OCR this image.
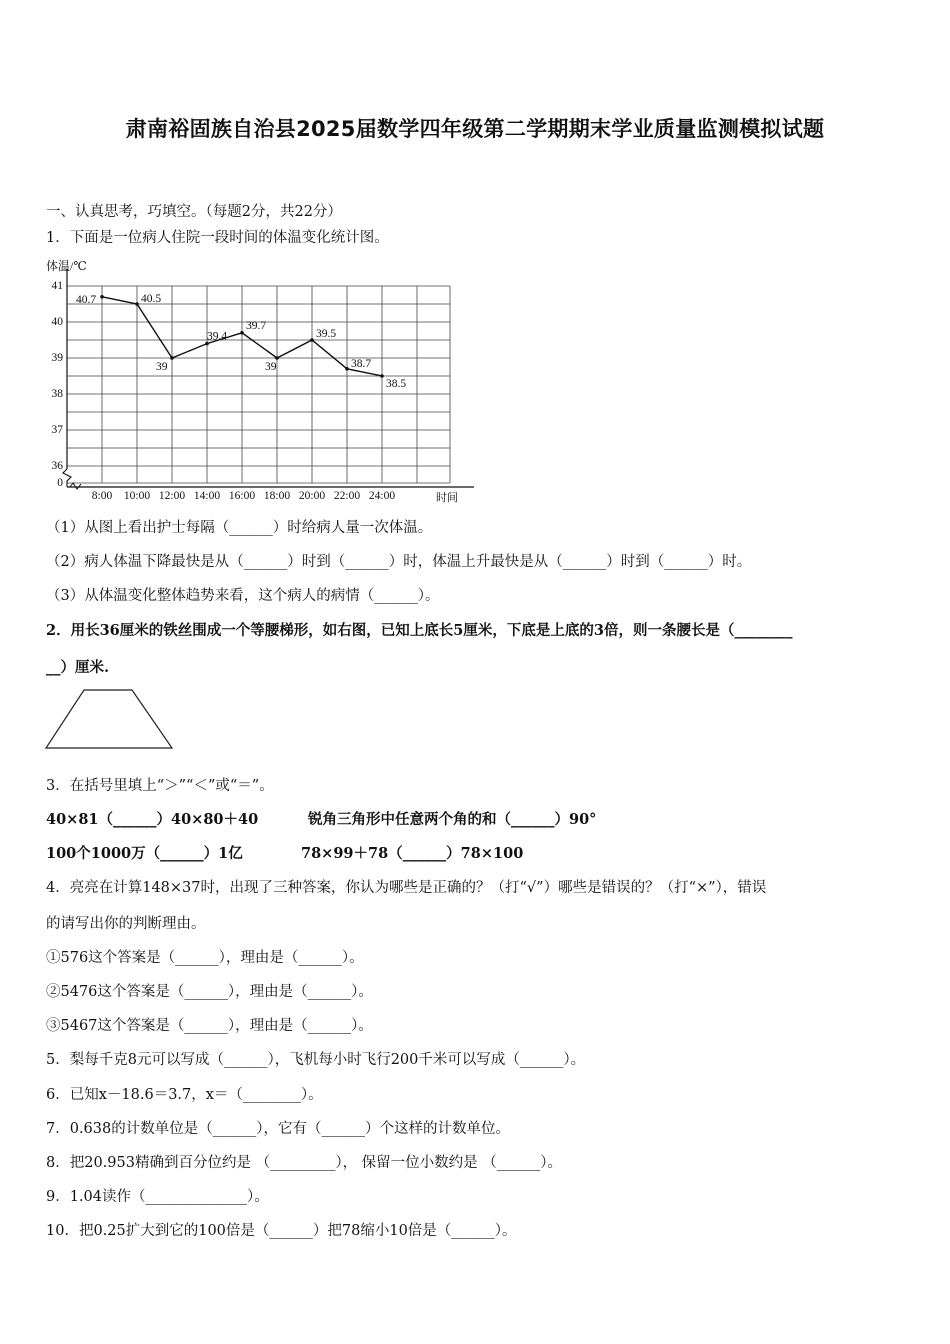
肃南裕固族自治县2025届数学四年级第二学期期末学业质量监测模拟试题
一、认真思考，巧填空。（每题2分，共22分）
1．下面是一位病人住院一段时间的体温变化统计图。
体温/℃
时间
0
36
37
38
39
40
41
8:00 10:00 12:00 14:00 16:00 18:00 20:00 22:00 24:00
40.7	40.5
39
39.4
39.7
39
39.5
38.7
38.5
（1）从图上看出护士每隔（______）时给病人量一次体温。
（2）病人体温下降最快是从（______）时到（______）时，体温上升最快是从（______）时到（______）时。
（3）从体温变化整体趋势来看，这个病人的病情（______）。
2．用长36厘米的铁丝围成一个等腰梯形，如右图，已知上底长5厘米，下底是上底的3倍，则一条腰长是（________
__）厘米.
3．在括号里填上“＞”“＜”或“＝”。
40×81（______）40×80＋40	锐角三角形中任意两个角的和（______）90°
100个1000万（______）1亿	78×99＋78（______）78×100
4．亮亮在计算148×37时，出现了三种答案，你认为哪些是正确的？（打“√”）哪些是错误的？（打“×”），错误
的请写出你的判断理由。
①576这个答案是（______），理由是（______）。
②5476这个答案是（______），理由是（______）。
③5467这个答案是（______），理由是（______）。
5．梨每千克8元可以写成（______），飞机每小时飞行200千米可以写成（______）。
6．已知x－18.6＝3.7，x＝（________）。
7．0.638的计数单位是（______），它有（______）个这样的计数单位。
8．把20.953精确到百分位约是 （_________）， 保留一位小数约是 （______）。
9．1.04读作（______________）。
10．把0.25扩大到它的100倍是（______）把78缩小10倍是（______）。
